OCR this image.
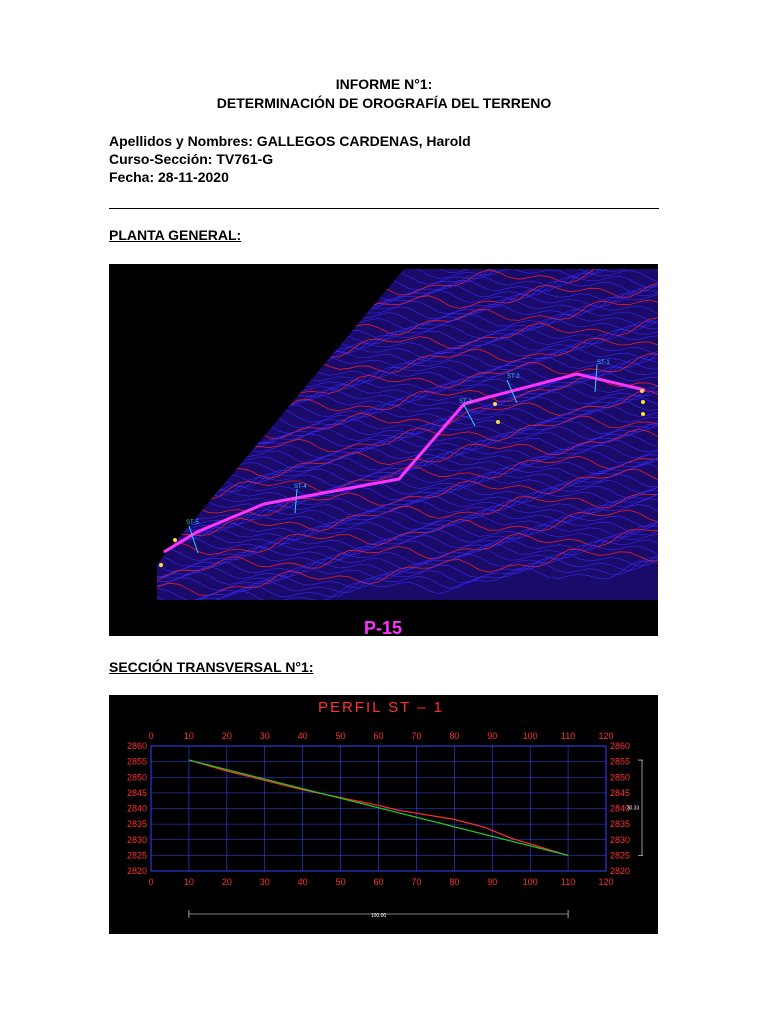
INFORME N°1:
DETERMINACIÓN DE OROGRAFÍA DEL TERRENO
Apellidos y Nombres: GALLEGOS CARDENAS, Harold
Curso-Sección: TV761-G
Fecha: 28-11-2020
PLANTA GENERAL:
ST-1
ST-2
ST-3
ST-4
ST-5
P-15
SECCIÓN TRANSVERSAL N°1:
PERFIL ST – 1
0
0
10
10
20
20
30
30
40
40
50
50
60
60
70
70
80
80
90
90
100
100
110
110
120
120
2820	2820
2825	2825
2830	2830
2835	2835
2840	2840
2845	2845
2850	2850
2855	2855
2860	2860
100.00
30.33
